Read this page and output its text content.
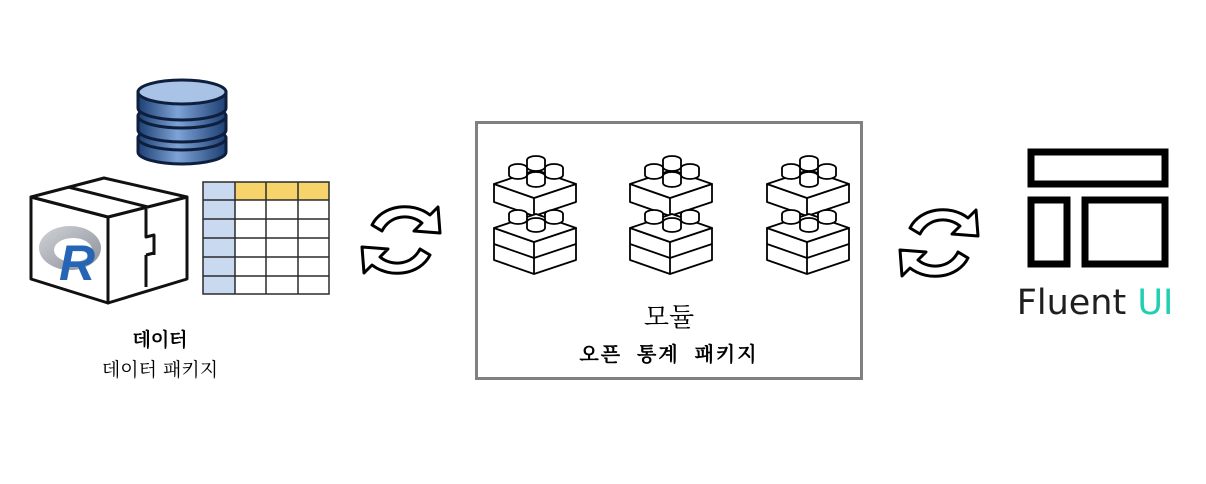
R
데이터
데이터 패키지
모듈
오픈 통계 패키지
Fluent UI
